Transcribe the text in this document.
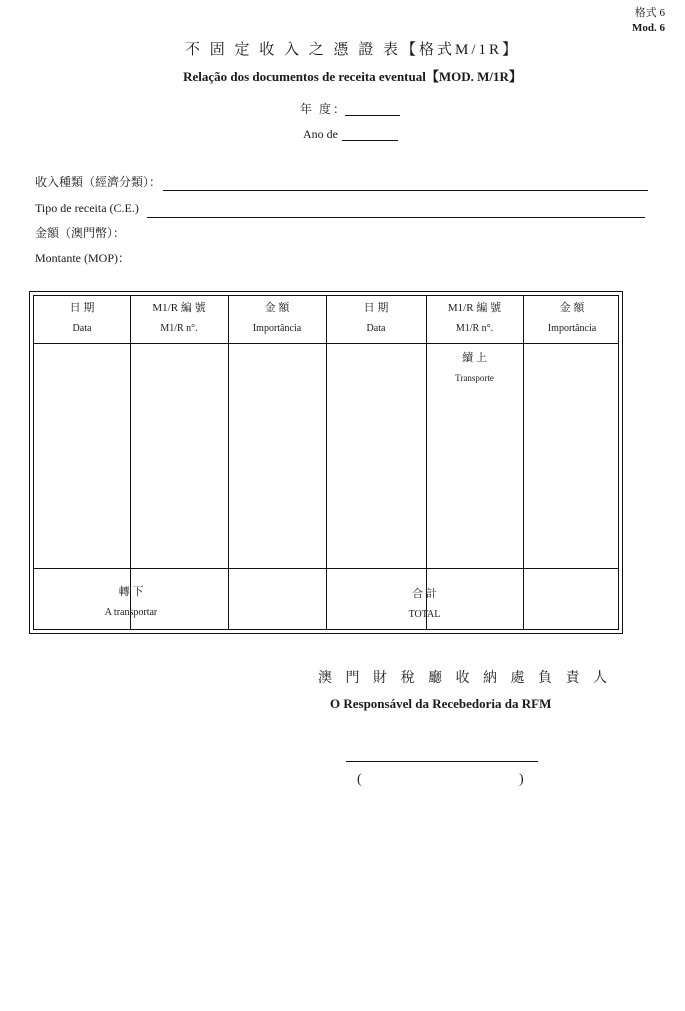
格式 6
Mod. 6
不 固 定 收 入 之 憑 證 表【格式M/1R】
Relação dos documentos de receita eventual【MOD. M/1R】
年 度：
Ano de
收入種類（經濟分類）：
Tipo de receita (C.E.)
金額（澳門幣）：
Montante (MOP)：
日 期
Data
M1/R 編 號
M1/R n°.
金 額
Importância
日 期
Data
M1/R 編 號
M1/R n°.
金 額
Importância
續 上
Transporte
轉 下
A transportar
合 計
TOTAL
澳 門 財 稅 廳 收 納 處 負 責 人
O Responsável da Recebedoria da RFM
(	)
